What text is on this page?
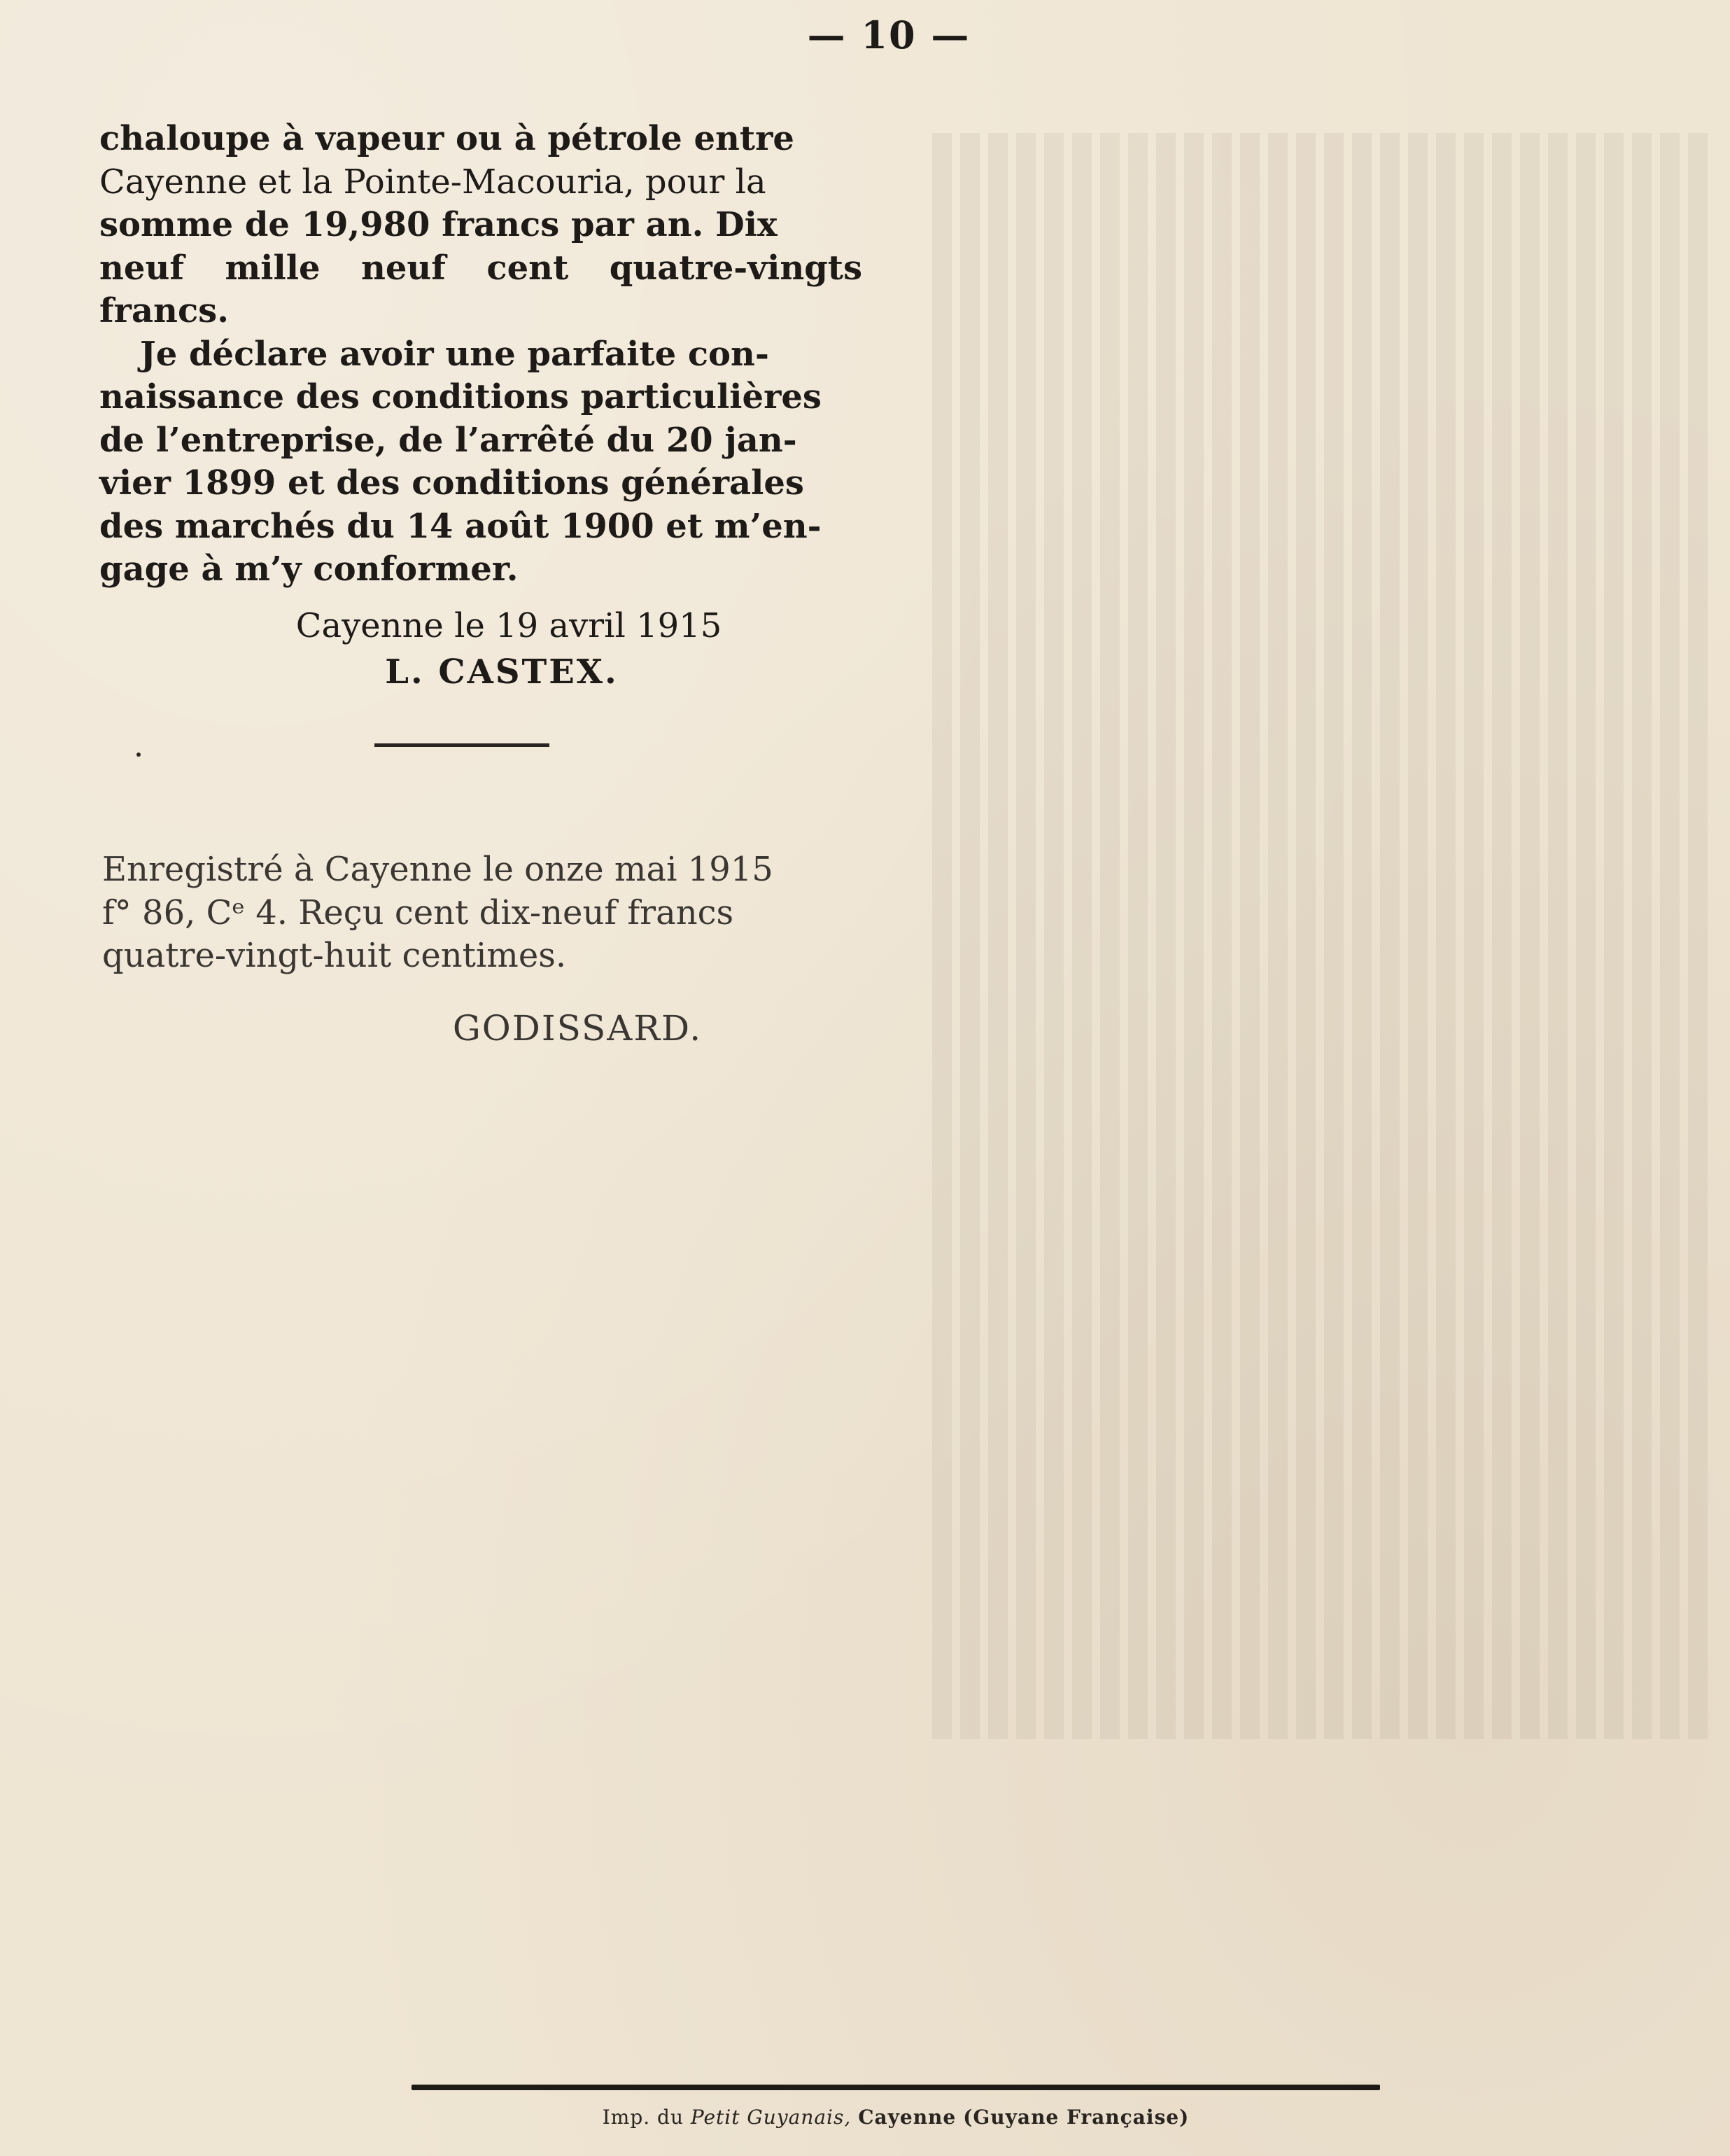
— 10 —

chaloupe à vapeur ou à pétrole entre

Cayenne et la Pointe-Macouria, pour la

somme de 19,980 francs par an. Dix

neuf mille neuf cent quatre-vingts francs.

Je déclare avoir une parfaite con-

naissance des conditions particulières

de l’entreprise, de l’arrêté du 20 jan-

vier 1899 et des conditions générales

des marchés du 14 août 1900 et m’en-

gage à m’y conformer.

Cayenne le 19 avril 1915
L. CASTEX.

Enregistré à Cayenne le onze mai 1915

f° 86, Cᵉ 4. Reçu cent dix-neuf francs

quatre-vingt-huit centimes.

GODISSARD.
Imp. du Petit Guyanais, Cayenne (Guyane Française)
